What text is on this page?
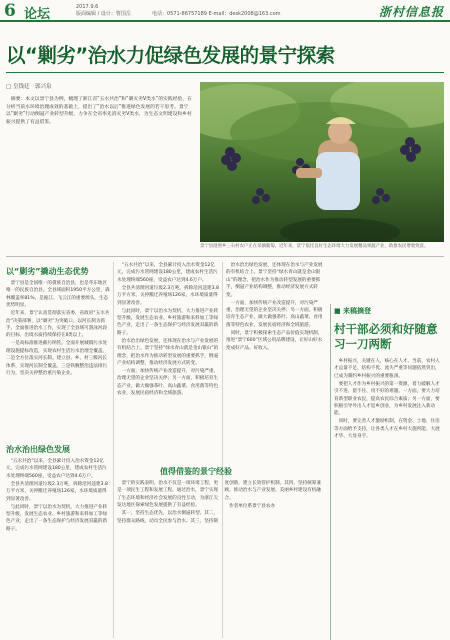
6 论坛	2017.9.6
版面编辑 / 设计：曹国岳	电话：0571-86757189 E-mail：desk2008@163.com	浙村信息报
以“剿劣”治水力促绿色发展的景宁探索
□ 皇钱廷　郭兴泉
摘要：本文以景宁县为例，梳理了浙江省“五水共治”和“剿灭劣V类水”的实践经验，在分析当前水环境治理成效的基础上，提出了“治水以后”推进绿色发展的若干思考。景宁以“剿劣”行动倒逼产业转型升级，力争在全省率先消灭劣V类水，为生态文明建设和乡村振兴提供了有益借鉴。
景宁县澄照乡三石村农户正在采摘葡萄。近年来，景宁依托良好生态环境大力发展精品果蔬产业，助推农民增收致富。
以“剿劣”撬动生态优势

景宁县是全国唯一的畲族自治县，也是华东地区唯一的民族自治县。全县域面积1950平方公里，森林覆盖率81%，是瓯江、飞云江的重要源头，生态优势明显。

近年来，景宁认真贯彻落实省委、省政府“五水共治”决策部署，以“剿劣”为突破口，以河长制为抓手，全面推进治水工作，实现了全县域可游泳河段的目标，出境水质持续保持在Ⅱ类以上。

一是高标准推进截污纳管。全面开展城镇污水处理设施提标改造，实现农村生活污水治理全覆盖。二是全方位落实河长制。建立县、乡、村三级河长体系，实现河长制全覆盖。三是铁腕整治违法排污行为，坚决关停整治重污染企业。

治水治出绿色发展

“五水共治”以来，全县累计投入治水资金12亿元，完成污水管网建设180公里，建成农村生活污水处理终端560座，受益农户达到4.6万户。

全县共清理河道垃圾2.3万吨，拆除沿河违建3.8万平方米，关停搬迁养殖场126家，水环境质量得到显著改善。

与此同时，景宁以治水为契机，大力推进产业转型升级，发展生态农业、乡村旅游和来料加工等绿色产业，走出了一条生态保护与经济发展双赢的新路子。

“五水共治”以来，全县累计投入治水资金12亿元，完成污水管网建设180公里，建成农村生活污水处理终端560座，受益农户达到4.6万户。

全县共清理河道垃圾2.3万吨，拆除沿河违建3.8万平方米，关停搬迁养殖场126家，水环境质量得到显著改善。

与此同时，景宁以治水为契机，大力推进产业转型升级，发展生态农业、乡村旅游和来料加工等绿色产业，走出了一条生态保护与经济发展双赢的新路子。

治水治出绿色发展，还体现在治水与产业发展的有机结合上。景宁坚持“绿水青山就是金山银山”的理念，把治水作为推动转型发展的重要抓手，倒逼产业结构调整，推动经济发展方式转变。

一方面，加快传统产业改造提升，对污染严重、治理无望的企业坚决关停；另一方面，积极培育生态产业，做大做强茶叶、高山蔬菜、食用菌等特色农业，发展民宿经济和全域旅游。

治水治出绿色发展，还体现在治水与产业发展的有机结合上。景宁坚持“绿水青山就是金山银山”的理念，把治水作为推动转型发展的重要抓手，倒逼产业结构调整，推动经济发展方式转变。

一方面，加快传统产业改造提升，对污染严重、治理无望的企业坚决关停；另一方面，积极培育生态产业，做大做强茶叶、高山蔬菜、食用菌等特色农业，发展民宿经济和全域旅游。

同时，景宁积极探索生态产品价值实现机制，推进“景宁600”区域公用品牌建设，让好山好水变成好产品、好收入。

值得借鉴的景宁经验

景宁的实践表明，治水不仅是一项环境工程，更是一项民生工程和发展工程。通过治水，景宁实现了生态环境和经济社会发展的良性互动，为浙江欠发达地区探索绿色发展提供了有益经验。

其一，坚持生态优先，以治水倒逼转型。其二，坚持群众路线，动员全民参与治水。其三，坚持制度创新，建立长效管护机制。其四，坚持统筹兼顾，推动治水与产业发展、美丽乡村建设有机融合。

作者单位系景宁县农办

■ 来稿摘登
村干部必须和好随意习一刀两断

乡村振兴，关键在人，核心在人才。当前，农村人才总量不足、结构不优、流失严重等问题依然突出，已成为制约乡村振兴的重要瓶颈。

要把人才作为乡村振兴的第一资源，着力破解人才引不进、留不住、用不好的难题。一方面，要大力培育新型职业农民，提高农民综合素质；另一方面，要积极引导外出人才返乡创业，为乡村发展注入新动能。

同时，要完善人才激励机制，在资金、土地、住房等方面给予支持，让各类人才在乡村大施所能、大展才华、大显身手。
